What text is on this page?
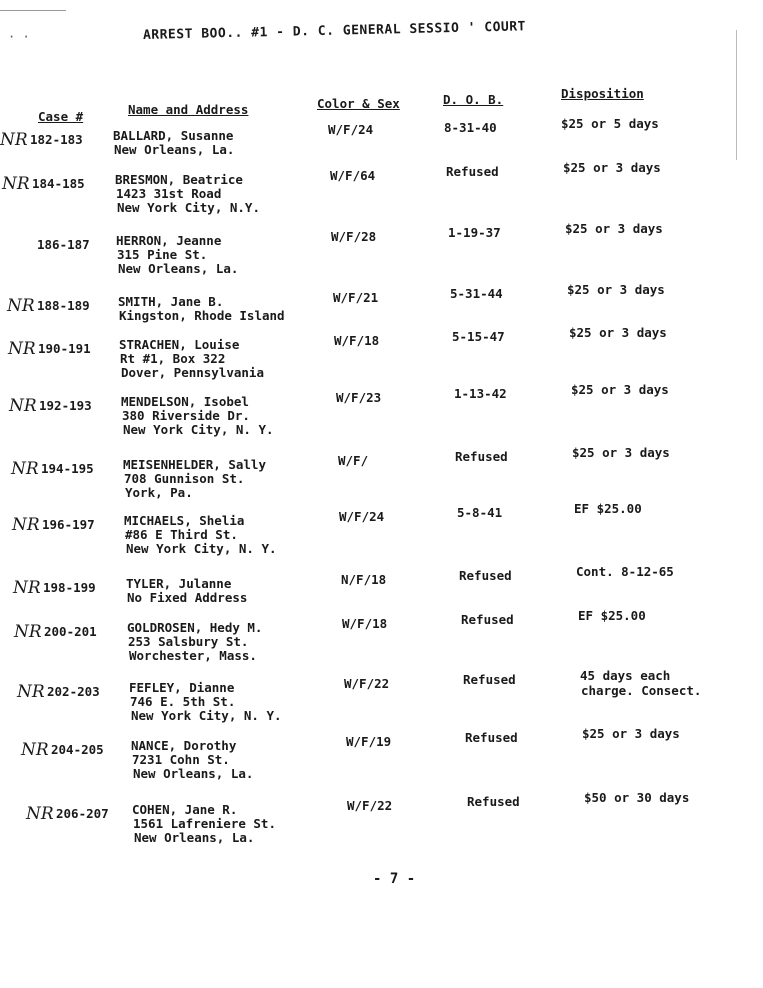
· ·	ARREST BOO.. #1 - D. C. GENERAL SESSIO ' COURT
Case #	Name and Address	Color & Sex	D. O. B.	Disposition
NR 182-183 BALLARD, Susanne
New Orleans, La.
W/F/24	8-31-40	$25 or 5 days
NR 184-185 BRESMON, Beatrice
1423 31st Road
New York City, N.Y.
W/F/64	Refused	$25 or 3 days
186-187 HERRON, Jeanne
315 Pine St.
New Orleans, La.
W/F/28	1-19-37	$25 or 3 days
NR 188-189 SMITH, Jane B.
Kingston, Rhode Island
W/F/21	5-31-44	$25 or 3 days
NR 190-191 STRACHEN, Louise
Rt #1, Box 322
Dover, Pennsylvania
W/F/18	5-15-47	$25 or 3 days
NR 192-193 MENDELSON, Isobel
380 Riverside Dr.
New York City, N. Y.
W/F/23	1-13-42	$25 or 3 days
NR 194-195 MEISENHELDER, Sally
708 Gunnison St.
York, Pa.
W/F/	Refused	$25 or 3 days
NR 196-197 MICHAELS, Shelia
#86 E Third St.
New York City, N. Y.
W/F/24	5-8-41	EF $25.00
NR 198-199 TYLER, Julanne
No Fixed Address
N/F/18	Refused	Cont. 8-12-65
NR 200-201 GOLDROSEN, Hedy M.
253 Salsbury St.
Worchester, Mass.
W/F/18	Refused	EF $25.00
NR 202-203 FEFLEY, Dianne
746 E. 5th St.
New York City, N. Y.
W/F/22	Refused	45 days each
charge. Consect.
NR 204-205 NANCE, Dorothy
7231 Cohn St.
New Orleans, La.
W/F/19	Refused	$25 or 3 days
NR 206-207 COHEN, Jane R.
1561 Lafreniere St.
New Orleans, La.
W/F/22	Refused	$50 or 30 days
- 7 -
